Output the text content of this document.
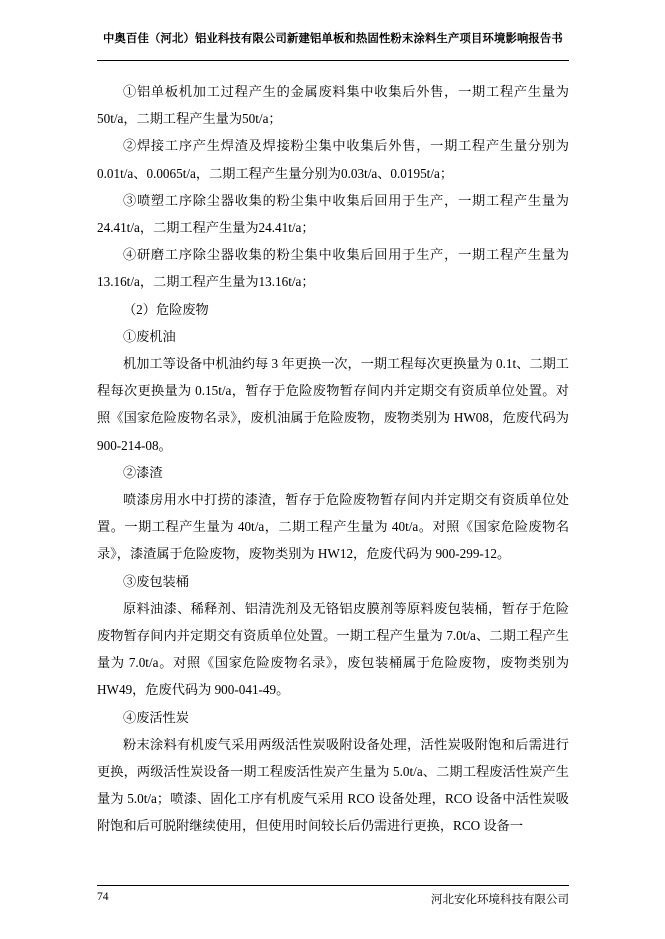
中奥百佳（河北）铝业科技有限公司新建铝单板和热固性粉末涂料生产项目环境影响报告书

①铝单板机加工过程产生的金属废料集中收集后外售，一期工程产生量为50t/a，二期工程产生量为50t/a；

②焊接工序产生焊渣及焊接粉尘集中收集后外售，一期工程产生量分别为0.01t/a、0.0065t/a，二期工程产生量分别为0.03t/a、0.0195t/a；

③喷塑工序除尘器收集的粉尘集中收集后回用于生产，一期工程产生量为24.41t/a，二期工程产生量为24.41t/a；

④研磨工序除尘器收集的粉尘集中收集后回用于生产，一期工程产生量为13.16t/a，二期工程产生量为13.16t/a；

（2）危险废物

①废机油

机加工等设备中机油约每 3 年更换一次，一期工程每次更换量为 0.1t、二期工程每次更换量为 0.15t/a，暂存于危险废物暂存间内并定期交有资质单位处置。对照《国家危险废物名录》，废机油属于危险废物，废物类别为 HW08，危废代码为 900-214-08。

②漆渣

喷漆房用水中打捞的漆渣，暂存于危险废物暂存间内并定期交有资质单位处置。一期工程产生量为 40t/a，二期工程产生量为 40t/a。对照《国家危险废物名录》，漆渣属于危险废物，废物类别为 HW12，危废代码为 900-299-12。

③废包装桶

原料油漆、稀释剂、铝清洗剂及无铬铝皮膜剂等原料废包装桶，暂存于危险废物暂存间内并定期交有资质单位处置。一期工程产生量为 7.0t/a、二期工程产生量为 7.0t/a。对照《国家危险废物名录》，废包装桶属于危险废物，废物类别为 HW49，危废代码为 900-041-49。

④废活性炭

粉末涂料有机废气采用两级活性炭吸附设备处理，活性炭吸附饱和后需进行更换，两级活性炭设备一期工程废活性炭产生量为 5.0t/a、二期工程废活性炭产生量为 5.0t/a；喷漆、固化工序有机废气采用 RCO 设备处理，RCO 设备中活性炭吸附饱和后可脱附继续使用，但使用时间较长后仍需进行更换，RCO 设备一

74	河北安化环境科技有限公司
